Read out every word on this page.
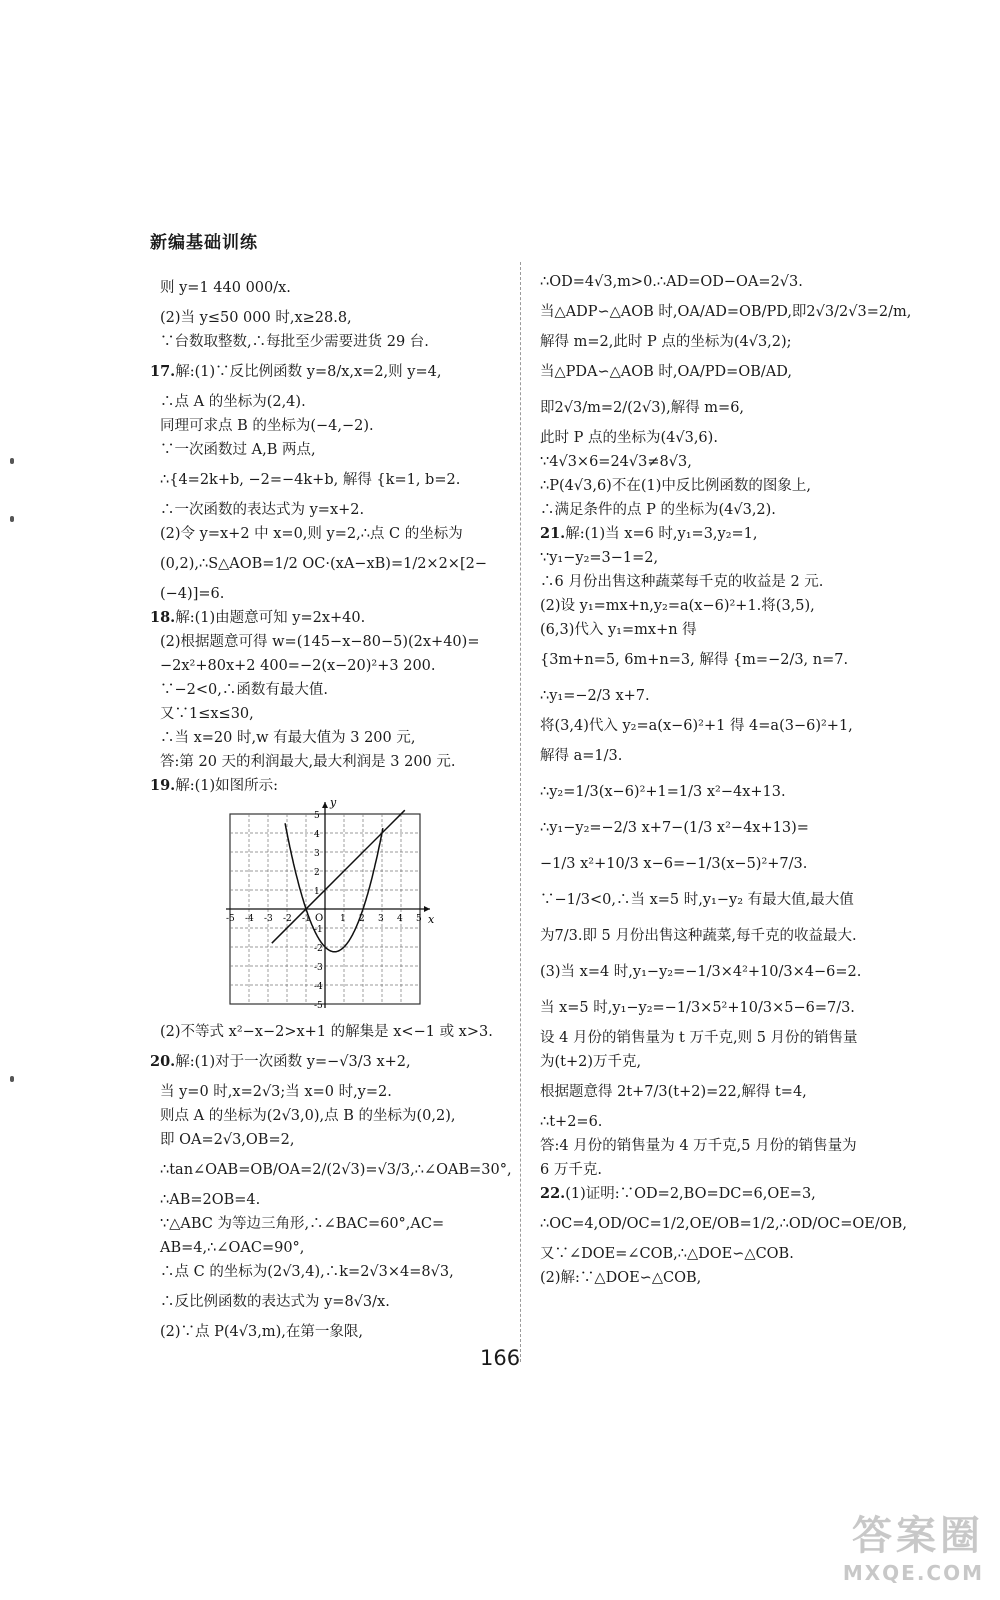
新编基础训练
则 y=1 440 000/x.
(2)当 y≤50 000 时,x≥28.8,
∵台数取整数,∴每批至少需要进货 29 台.
17.解:(1)∵反比例函数 y=8/x,x=2,则 y=4,
∴点 A 的坐标为(2,4).
同理可求点 B 的坐标为(−4,−2).
∵一次函数过 A,B 两点,
∴{4=2k+b, −2=−4k+b, 解得 {k=1, b=2.
∴一次函数的表达式为 y=x+2.
(2)令 y=x+2 中 x=0,则 y=2,∴点 C 的坐标为
(0,2),∴S△AOB=1/2 OC·(xA−xB)=1/2×2×[2−
(−4)]=6.
18.解:(1)由题意可知 y=2x+40.
(2)根据题意可得 w=(145−x−80−5)(2x+40)=
−2x²+80x+2 400=−2(x−20)²+3 200.
∵−2<0,∴函数有最大值.
又∵1≤x≤30,
∴当 x=20 时,w 有最大值为 3 200 元,
答:第 20 天的利润最大,最大利润是 3 200 元.
19.解:(1)如图所示:
x
y
O
-5 -4 -3 -2 -1	1 2 3 4 5
5
4
3
2
1
-1
-2
-3
-4
-5
(2)不等式 x²−x−2>x+1 的解集是 x<−1 或 x>3.
20.解:(1)对于一次函数 y=−√3/3 x+2,
当 y=0 时,x=2√3;当 x=0 时,y=2.
则点 A 的坐标为(2√3,0),点 B 的坐标为(0,2),
即 OA=2√3,OB=2,
∴tan∠OAB=OB/OA=2/(2√3)=√3/3,∴∠OAB=30°,
∴AB=2OB=4.
∵△ABC 为等边三角形,∴∠BAC=60°,AC=
AB=4,∴∠OAC=90°,
∴点 C 的坐标为(2√3,4),∴k=2√3×4=8√3,
∴反比例函数的表达式为 y=8√3/x.
(2)∵点 P(4√3,m),在第一象限,
∴OD=4√3,m>0.∴AD=OD−OA=2√3.
当△ADP∽△AOB 时,OA/AD=OB/PD,即2√3/2√3=2/m,
解得 m=2,此时 P 点的坐标为(4√3,2);
当△PDA∽△AOB 时,OA/PD=OB/AD,
即2√3/m=2/(2√3),解得 m=6,
此时 P 点的坐标为(4√3,6).
∵4√3×6=24√3≠8√3,
∴P(4√3,6)不在(1)中反比例函数的图象上,
∴满足条件的点 P 的坐标为(4√3,2).
21.解:(1)当 x=6 时,y₁=3,y₂=1,
∵y₁−y₂=3−1=2,
∴6 月份出售这种蔬菜每千克的收益是 2 元.
(2)设 y₁=mx+n,y₂=a(x−6)²+1.将(3,5),
(6,3)代入 y₁=mx+n 得
{3m+n=5, 6m+n=3, 解得 {m=−2/3, n=7.
∴y₁=−2/3 x+7.
将(3,4)代入 y₂=a(x−6)²+1 得 4=a(3−6)²+1,
解得 a=1/3.
∴y₂=1/3(x−6)²+1=1/3 x²−4x+13.
∴y₁−y₂=−2/3 x+7−(1/3 x²−4x+13)=
−1/3 x²+10/3 x−6=−1/3(x−5)²+7/3.
∵−1/3<0,∴当 x=5 时,y₁−y₂ 有最大值,最大值
为7/3.即 5 月份出售这种蔬菜,每千克的收益最大.
(3)当 x=4 时,y₁−y₂=−1/3×4²+10/3×4−6=2.
当 x=5 时,y₁−y₂=−1/3×5²+10/3×5−6=7/3.
设 4 月份的销售量为 t 万千克,则 5 月份的销售量
为(t+2)万千克,
根据题意得 2t+7/3(t+2)=22,解得 t=4,
∴t+2=6.
答:4 月份的销售量为 4 万千克,5 月份的销售量为
6 万千克.
22.(1)证明:∵OD=2,BO=DC=6,OE=3,
∴OC=4,OD/OC=1/2,OE/OB=1/2,∴OD/OC=OE/OB,
又∵∠DOE=∠COB,∴△DOE∽△COB.
(2)解:∵△DOE∽△COB,
166
答案圈
MXQE.COM
